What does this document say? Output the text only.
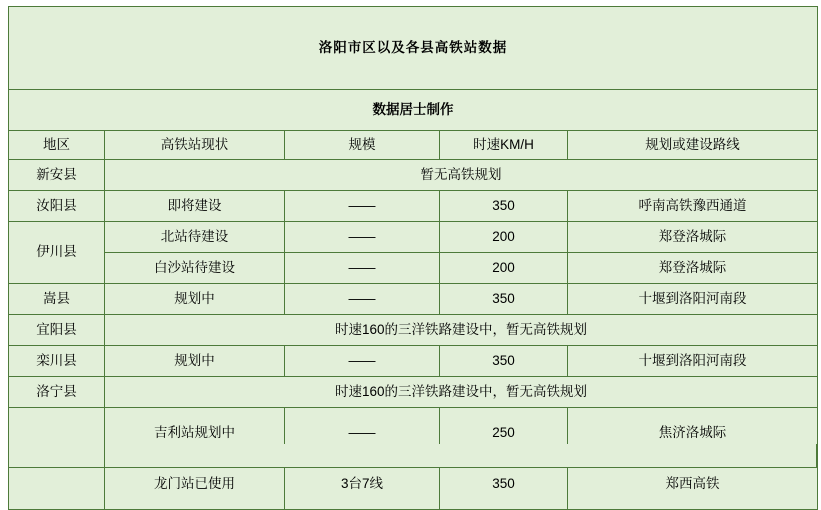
洛阳市区以及各县高铁站数据				
数据居士制作				
地区	高铁站现状	规模	时速KM/H	规划或建设路线
新安县	暂无高铁规划			
汝阳县	即将建设	——	350	呼南高铁豫西通道
伊川县	北站待建设	——	200	郑登洛城际
	白沙站待建设	——	200	郑登洛城际
嵩县	规划中	——	350	十堰到洛阳河南段
宜阳县	时速160的三洋铁路建设中，暂无高铁规划			
栾川县	规划中	——	350	十堰到洛阳河南段
洛宁县	时速160的三洋铁路建设中，暂无高铁规划			
	吉利站规划中	——	250	焦济洛城际
	龙门站已使用	3台7线	350	郑西高铁
